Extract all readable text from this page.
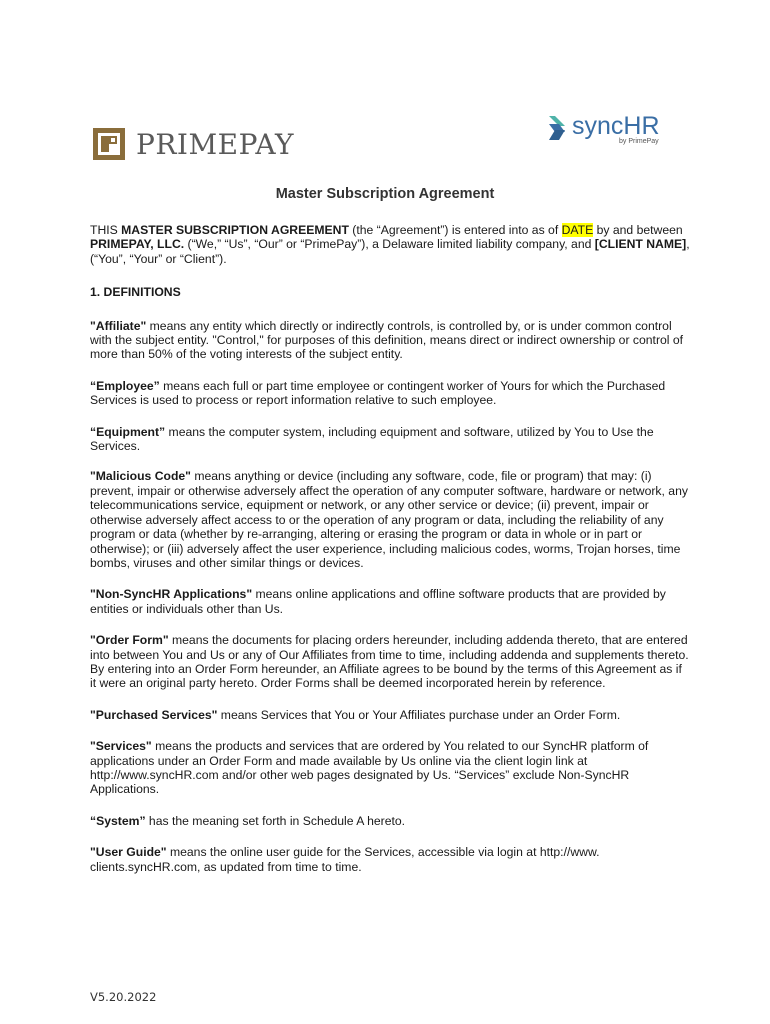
PRIMEPAY
syncHR
by PrimePay
Master Subscription Agreement

THIS MASTER SUBSCRIPTION AGREEMENT (the “Agreement”) is entered into as of DATE by and between PRIMEPAY, LLC. (“We,” “Us”, “Our” or “PrimePay”), a Delaware limited liability company, and [CLIENT NAME], (“You”, “Your” or “Client”).

1. DEFINITIONS

"Affiliate" means any entity which directly or indirectly controls, is controlled by, or is under common control with the subject entity. "Control," for purposes of this definition, means direct or indirect ownership or control of more than 50% of the voting interests of the subject entity.

“Employee” means each full or part time employee or contingent worker of Yours for which the Purchased Services is used to process or report information relative to such employee.

“Equipment” means the computer system, including equipment and software, utilized by You to Use the Services.

"Malicious Code" means anything or device (including any software, code, file or program) that may: (i) prevent, impair or otherwise adversely affect the operation of any computer software, hardware or network, any telecommunications service, equipment or network, or any other service or device; (ii) prevent, impair or otherwise adversely affect access to or the operation of any program or data, including the reliability of any program or data (whether by re-arranging, altering or erasing the program or data in whole or in part or otherwise); or (iii) adversely affect the user experience, including malicious codes, worms, Trojan horses, time bombs, viruses and other similar things or devices.

"Non-SyncHR Applications" means online applications and offline software products that are provided by entities or individuals other than Us.

"Order Form" means the documents for placing orders hereunder, including addenda thereto, that are entered into between You and Us or any of Our Affiliates from time to time, including addenda and supplements thereto. By entering into an Order Form hereunder, an Affiliate agrees to be bound by the terms of this Agreement as if it were an original party hereto. Order Forms shall be deemed incorporated herein by reference.

"Purchased Services" means Services that You or Your Affiliates purchase under an Order Form.

"Services" means the products and services that are ordered by You related to our SyncHR platform of applications under an Order Form and made available by Us online via the client login link at http://www.syncHR.com and/or other web pages designated by Us. “Services” exclude Non-SyncHR Applications.

“System” has the meaning set forth in Schedule A hereto.

"User Guide" means the online user guide for the Services, accessible via login at http://www. clients.syncHR.com, as updated from time to time.

V5.20.2022
